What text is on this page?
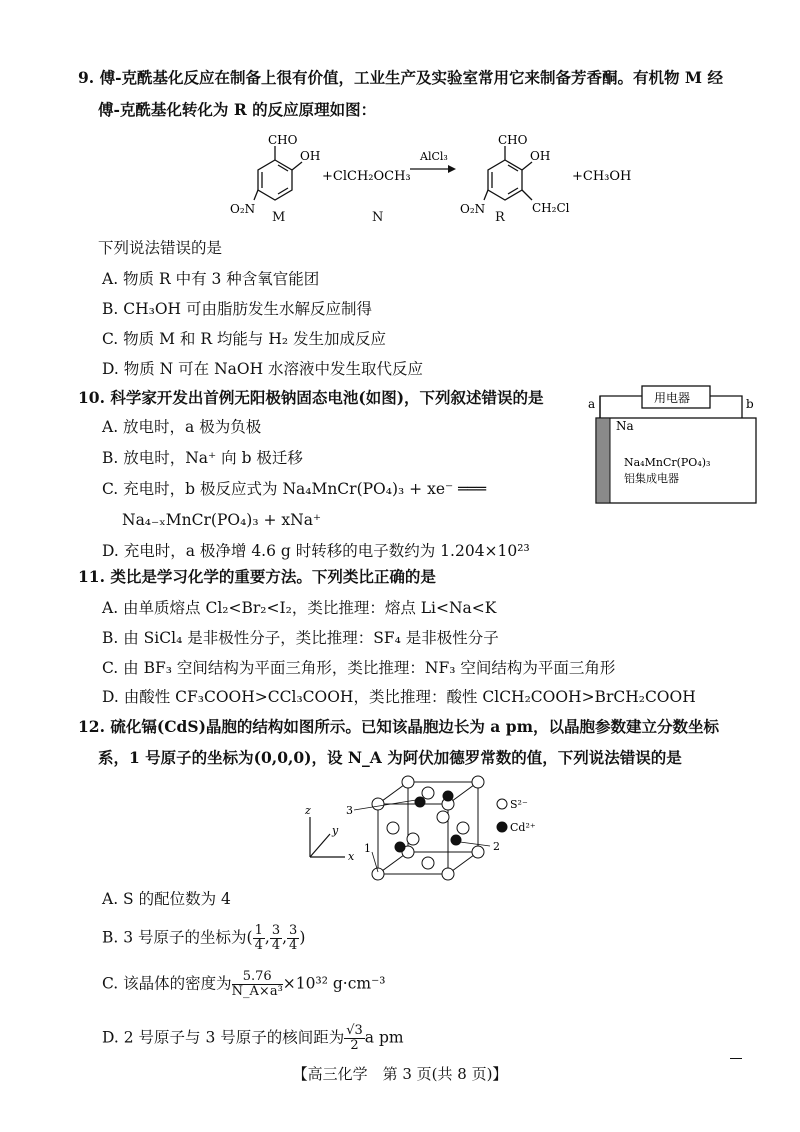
9. 傅-克酰基化反应在制备上很有价值，工业生产及实验室常用它来制备芳香酮。有机物 M 经
傅-克酰基化转化为 R 的反应原理如图：
CHO
OH
O₂N
+ClCH₂OCH₃
AlCl₃
CHO
OH
O₂N	CH₂Cl
+CH₃OH
M	N	R
下列说法错误的是
A. 物质 R 中有 3 种含氧官能团
B. CH₃OH 可由脂肪发生水解反应制得
C. 物质 M 和 R 均能与 H₂ 发生加成反应
D. 物质 N 可在 NaOH 水溶液中发生取代反应
10. 科学家开发出首例无阳极钠固态电池(如图)，下列叙述错误的是
A. 放电时，a 极为负极
B. 放电时，Na⁺ 向 b 极迁移
C. 充电时，b 极反应式为 Na₄MnCr(PO₄)₃ + xe⁻ ═══
Na₄₋ₓMnCr(PO₄)₃ + xNa⁺
D. 充电时，a 极净增 4.6 g 时转移的电子数约为 1.204×10²³
用电器
a	b
Na
Na₄MnCr(PO₄)₃
铝集成电器
11. 类比是学习化学的重要方法。下列类比正确的是
A. 由单质熔点 Cl₂<Br₂<I₂，类比推理：熔点 Li<Na<K
B. 由 SiCl₄ 是非极性分子，类比推理：SF₄ 是非极性分子
C. 由 BF₃ 空间结构为平面三角形，类比推理：NF₃ 空间结构为平面三角形
D. 由酸性 CF₃COOH>CCl₃COOH，类比推理：酸性 ClCH₂COOH>BrCH₂COOH
12. 硫化镉(CdS)晶胞的结构如图所示。已知该晶胞边长为 a pm，以晶胞参数建立分数坐标
系，1 号原子的坐标为(0,0,0)，设 N_A 为阿伏加德罗常数的值，下列说法错误的是
z
y
x
3
1	2
S²⁻
Cd²⁺
A. S 的配位数为 4
B. 3 号原子的坐标为( $\frac{1}{4}$ , $\frac{3}{4}$ , $\frac{3}{4}$ )
C. 该晶体的密度为 $\frac{5.76}{\text{N\_A×a³}} \times 10^{32}$ g·cm⁻³
D. 2 号原子与 3 号原子的核间距为 $\frac{√3}{2}$ a pm
【高三化学　第 3 页(共 8 页)】
